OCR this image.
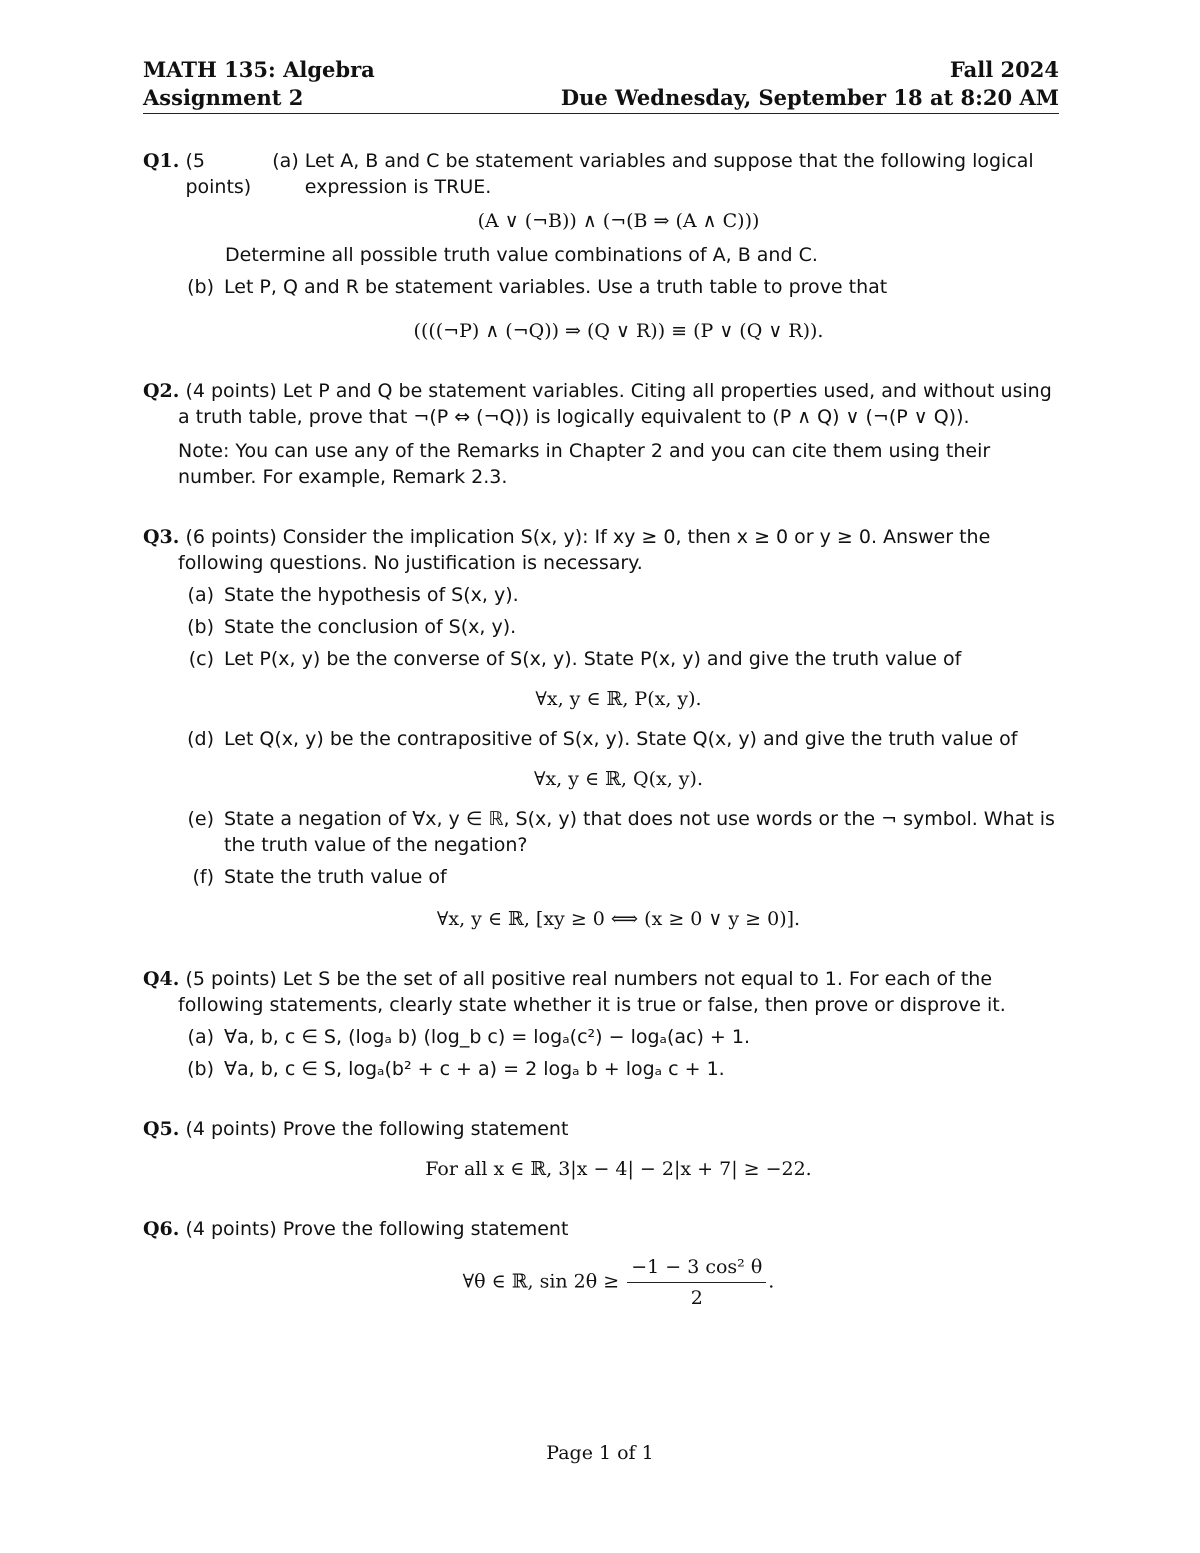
MATH 135: Algebra	Fall 2024
Assignment 2	Due Wednesday, September 18 at 8:20 AM
Q1.
(5 points)

(a)
Let A, B and C be statement variables and suppose that the following logical expression is TRUE.
(A ∨ (¬B)) ∧ (¬(B ⇒ (A ∧ C)))
Determine all possible truth value combinations of A, B and C.
(b) Let P, Q and R be statement variables. Use a truth table to prove that
((((¬P) ∧ (¬Q)) ⇒ (Q ∨ R)) ≡ (P ∨ (Q ∨ R)).
Q2. (4 points) Let P and Q be statement variables. Citing all properties used, and without using a truth table, prove that ¬(P ⇔ (¬Q)) is logically equivalent to (P ∧ Q) ∨ (¬(P ∨ Q)).
Note: You can use any of the Remarks in Chapter 2 and you can cite them using their number. For example, Remark 2.3.
Q3. (6 points) Consider the implication S(x, y): If xy ≥ 0, then x ≥ 0 or y ≥ 0. Answer the following questions. No justification is necessary.
(a) State the hypothesis of S(x, y).
(b) State the conclusion of S(x, y).
(c) Let P(x, y) be the converse of S(x, y). State P(x, y) and give the truth value of
∀x, y ∈ ℝ, P(x, y).
(d) Let Q(x, y) be the contrapositive of S(x, y). State Q(x, y) and give the truth value of
∀x, y ∈ ℝ, Q(x, y).
(e) State a negation of ∀x, y ∈ ℝ, S(x, y) that does not use words or the ¬ symbol. What is the truth value of the negation?
(f) State the truth value of
∀x, y ∈ ℝ, [xy ≥ 0 ⟺ (x ≥ 0 ∨ y ≥ 0)].
Q4. (5 points) Let S be the set of all positive real numbers not equal to 1. For each of the following statements, clearly state whether it is true or false, then prove or disprove it.
(a) ∀a, b, c ∈ S, (logₐ b) (log_b c) = logₐ(c²) − logₐ(ac) + 1.
(b) ∀a, b, c ∈ S, logₐ(b² + c + a) = 2 logₐ b + logₐ c + 1.
Q5. (4 points) Prove the following statement
For all x ∈ ℝ, 3|x − 4| − 2|x + 7| ≥ −22.
Q6. (4 points) Prove the following statement
∀θ ∈ ℝ, $\sin 2\theta \ge \frac{\text{−1 − 3 cos² θ}}{2}$ .
Page 1 of 1
